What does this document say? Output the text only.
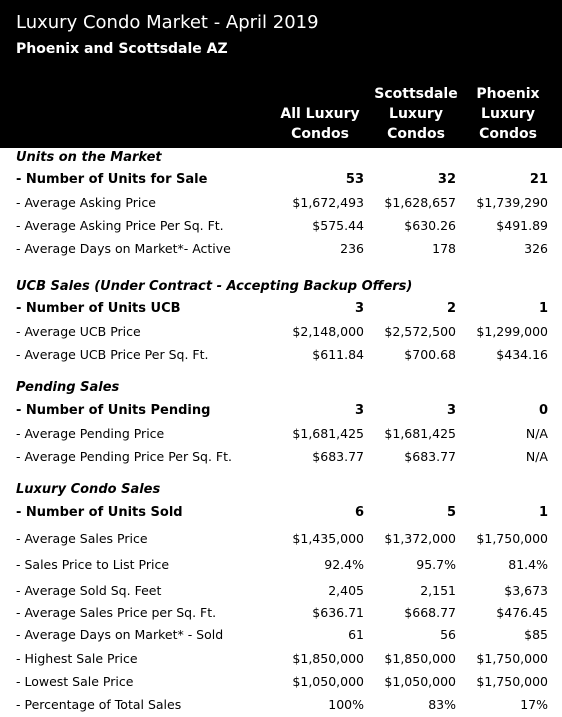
Luxury Condo Market - April 2019
Phoenix and Scottsdale AZ
All Luxury
Condos
Scottsdale
Luxury
Condos
Phoenix
Luxury
Condos
Units on the Market
- Number of Units for Sale	53	32	21
- Average Asking Price	$1,672,493 $1,628,657 $1,739,290
- Average Asking Price Per Sq. Ft.	$575.44	$630.26	$491.89
- Average Days on Market*- Active	236	178	326
UCB Sales (Under Contract - Accepting Backup Offers)
- Number of Units UCB	3	2	1
- Average UCB Price	$2,148,000 $2,572,500 $1,299,000
- Average UCB Price Per Sq. Ft.	$611.84	$700.68	$434.16
Pending Sales
- Number of Units Pending	3	3	0
- Average Pending Price	$1,681,425 $1,681,425	N/A
- Average Pending Price Per Sq. Ft.	$683.77	$683.77	N/A
Luxury Condo Sales
- Number of Units Sold	6	5	1
- Average Sales Price	$1,435,000 $1,372,000 $1,750,000
- Sales Price to List Price	92.4%	95.7%	81.4%
- Average Sold Sq. Feet	2,405	2,151	$3,673
- Average Sales Price per Sq. Ft.	$636.71	$668.77	$476.45
- Average Days on Market* - Sold	61	56	$85
- Highest Sale Price	$1,850,000 $1,850,000 $1,750,000
- Lowest Sale Price	$1,050,000 $1,050,000 $1,750,000
- Percentage of Total Sales	100%	83%	17%
